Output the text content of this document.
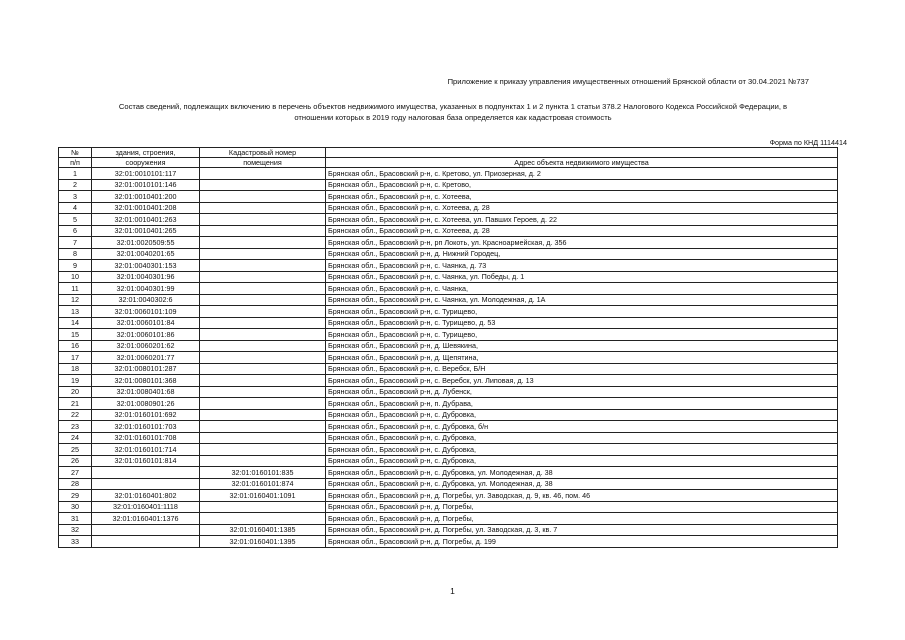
Приложение к приказу управления имущественных отношений Брянской области от 30.04.2021 №737
Состав сведений, подлежащих включению в перечень объектов недвижимого имущества, указанных в подпунктах 1 и 2 пункта 1 статьи 378.2 Налогового Кодекса Российской Федерации, в
отношении которых в 2019 году налоговая база определяется как кадастровая стоимость
Форма по КНД 1114414
№	здания, строения,	Кадастровый номер	
п/п	сооружения	помещения	Адрес объекта недвижимого имущества
1	32:01:0010101:117		Брянская обл., Брасовский р-н, с. Кретово, ул. Приозерная, д. 2
2	32:01:0010101:146		Брянская обл., Брасовский р-н, с. Кретово,
3	32:01:0010401:200		Брянская обл., Брасовский р-н, с. Хотеева,
4	32:01:0010401:208		Брянская обл., Брасовский р-н, с. Хотеева, д. 28
5	32:01:0010401:263		Брянская обл., Брасовский р-н, с. Хотеева, ул. Павших Героев, д. 22
6	32:01:0010401:265		Брянская обл., Брасовский р-н, с. Хотеева, д. 28
7	32:01:0020509:55		Брянская обл., Брасовский р-н, рп Локоть, ул. Красноармейская, д. 356
8	32:01:0040201:65		Брянская обл., Брасовский р-н, д. Нижний Городец,
9	32:01:0040301:153		Брянская обл., Брасовский р-н, с. Чаянка, д. 73
10	32:01:0040301:96		Брянская обл., Брасовский р-н, с. Чаянка, ул. Победы, д. 1
11	32:01:0040301:99		Брянская обл., Брасовский р-н, с. Чаянка,
12	32:01:0040302:6		Брянская обл., Брасовский р-н, с. Чаянка, ул. Молодежная, д. 1А
13	32:01:0060101:109		Брянская обл., Брасовский р-н, с. Турищево,
14	32:01:0060101:84		Брянская обл., Брасовский р-н, с. Турищево, д. 53
15	32:01:0060101:86		Брянская обл., Брасовский р-н, с. Турищево,
16	32:01:0060201:62		Брянская обл., Брасовский р-н, д. Шевякина,
17	32:01:0060201:77		Брянская обл., Брасовский р-н, д. Щепятина,
18	32:01:0080101:287		Брянская обл., Брасовский р-н, с. Веребск, Б/Н
19	32:01:0080101:368		Брянская обл., Брасовский р-н, с. Веребск, ул. Липовая, д. 13
20	32:01:0080401:68		Брянская обл., Брасовский р-н, д. Лубенск,
21	32:01:0080901:26		Брянская обл., Брасовский р-н, п. Дубрава,
22	32:01:0160101:692		Брянская обл., Брасовский р-н, с. Дубровка,
23	32:01:0160101:703		Брянская обл., Брасовский р-н, с. Дубровка, б/н
24	32:01:0160101:708		Брянская обл., Брасовский р-н, с. Дубровка,
25	32:01:0160101:714		Брянская обл., Брасовский р-н, с. Дубровка,
26	32:01:0160101:814		Брянская обл., Брасовский р-н, с. Дубровка,
27		32:01:0160101:835	Брянская обл., Брасовский р-н, с. Дубровка, ул. Молодежная, д. 38
28		32:01:0160101:874	Брянская обл., Брасовский р-н, с. Дубровка, ул. Молодежная, д. 38
29	32:01:0160401:802	32:01:0160401:1091	Брянская обл., Брасовский р-н, д. Погребы, ул. Заводская, д. 9, кв. 46, пом. 46
30	32:01:0160401:1118		Брянская обл., Брасовский р-н, д. Погребы,
31	32:01:0160401:1376		Брянская обл., Брасовский р-н, д. Погребы,
32		32:01:0160401:1385	Брянская обл., Брасовский р-н, д. Погребы, ул. Заводская, д. 3, кв. 7
33		32:01:0160401:1395	Брянская обл., Брасовский р-н, д. Погребы, д. 199
1
